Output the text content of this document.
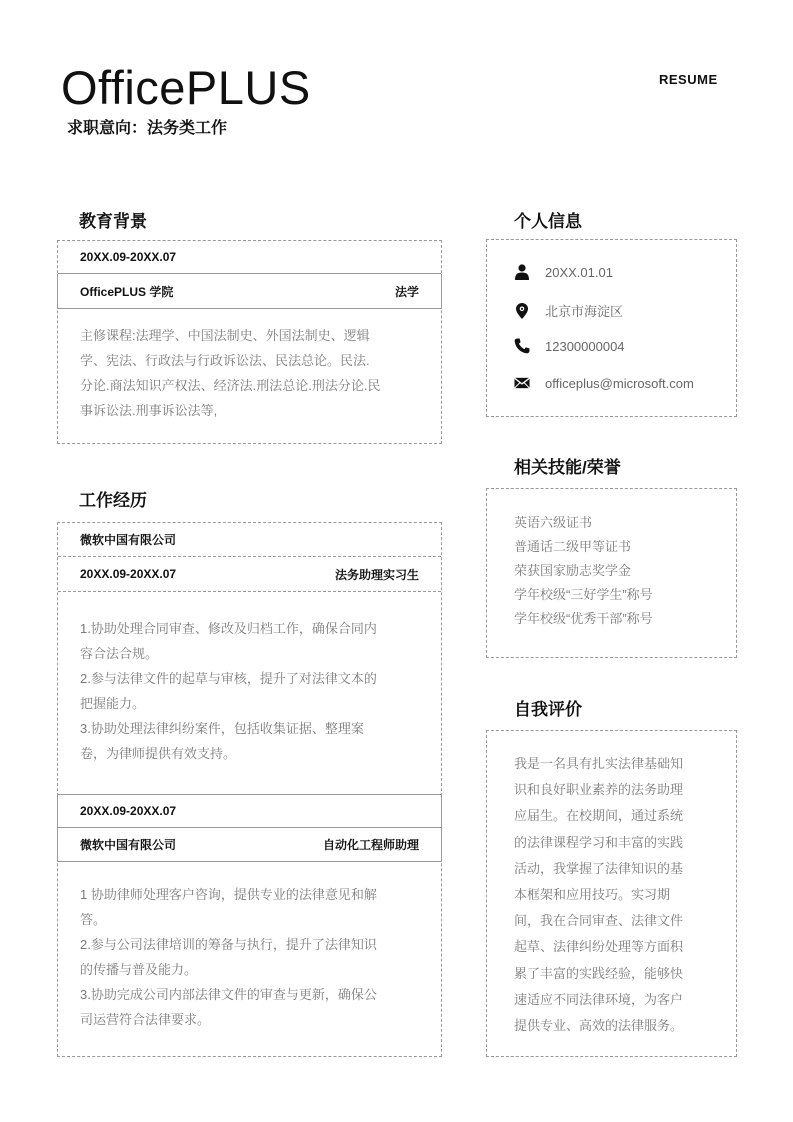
OfficePLUS
求职意向：法务类工作
RESUME
教育背景
20XX.09-20XX.07
OfficePLUS 学院	法学
主修课程:法理学、中国法制史、外国法制史、逻辑
学、宪法、行政法与行政诉讼法、民法总论。民法.
分论.商法知识产权法、经济法.刑法总论.刑法分论.民
事诉讼法.刑事诉讼法等,
工作经历
微软中国有限公司
20XX.09-20XX.07	法务助理实习生
1.协助处理合同审查、修改及归档工作，确保合同内
容合法合规。
2.参与法律文件的起草与审核，提升了对法律文本的
把握能力。
3.协助处理法律纠纷案件，包括收集证据、整理案
卷，为律师提供有效支持。
20XX.09-20XX.07
微软中国有限公司	自动化工程师助理
1 协助律师处理客户咨询，提供专业的法律意见和解
答。
2.参与公司法律培训的筹备与执行，提升了法律知识
的传播与普及能力。
3.协助完成公司内部法律文件的审查与更新，确保公
司运营符合法律要求。
个人信息
20XX.01.01
北京市海淀区
12300000004
officeplus@microsoft.com
相关技能/荣誉
英语六级证书
普通话二级甲等证书
荣获国家励志奖学金
学年校级“三好学生”称号
学年校级“优秀干部”称号
自我评价
我是一名具有扎实法律基础知
识和良好职业素养的法务助理
应届生。在校期间，通过系统
的法律课程学习和丰富的实践
活动，我掌握了法律知识的基
本框架和应用技巧。实习期
间，我在合同审查、法律文件
起草、法律纠纷处理等方面积
累了丰富的实践经验，能够快
速适应不同法律环境，为客户
提供专业、高效的法律服务。
